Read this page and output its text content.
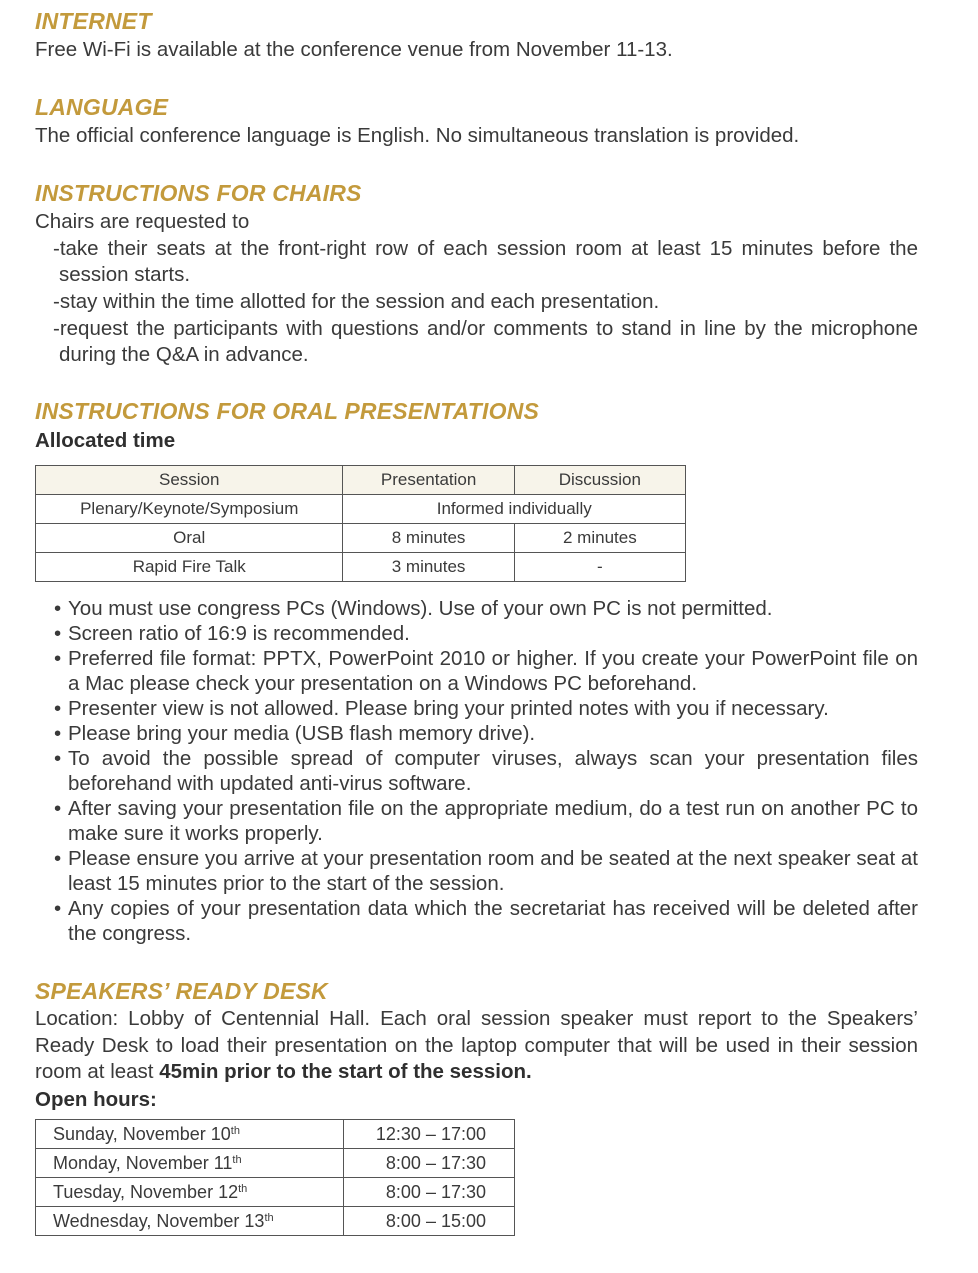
INTERNET

Free Wi-Fi is available at the conference venue from November 11-13.

LANGUAGE

The official conference language is English. No simultaneous translation is provided.

INSTRUCTIONS FOR CHAIRS

Chairs are requested to

-take their seats at the front-right row of each session room at least 15 minutes before the
session starts.
-stay within the time allotted for the session and each presentation.
-request the participants with questions and/or comments to stand in line by the microphone
during the Q&A in advance.
INSTRUCTIONS FOR ORAL PRESENTATIONS
Allocated time
Session	Presentation	Discussion
Plenary/Keynote/Symposium	Informed individually	
Oral	8 minutes	2 minutes
Rapid Fire Talk	3 minutes	-
• You must use congress PCs (Windows). Use of your own PC is not permitted.
• Screen ratio of 16:9 is recommended.
• Preferred file format: PPTX, PowerPoint 2010 or higher. If you create your PowerPoint file on a Mac please check your presentation on a Windows PC beforehand.
• Presenter view is not allowed. Please bring your printed notes with you if necessary.
• Please bring your media (USB flash memory drive).
• To avoid the possible spread of computer viruses, always scan your presentation files beforehand with updated anti-virus software.
• After saving your presentation file on the appropriate medium, do a test run on another PC to make sure it works properly.
• Please ensure you arrive at your presentation room and be seated at the next speaker seat at least 15 minutes prior to the start of the session.
• Any copies of your presentation data which the secretariat has received will be deleted after the congress.
SPEAKERS’ READY DESK

Location: Lobby of Centennial Hall. Each oral session speaker must report to the Speakers’ Ready Desk to load their presentation on the laptop computer that will be used in their session room at least 45min prior to the start of the session.

Open hours:
Sunday, November 10th	12:30 – 17:00
Monday, November 11th	8:00 – 17:30
Tuesday, November 12th	8:00 – 17:30
Wednesday, November 13th	8:00 – 15:00
